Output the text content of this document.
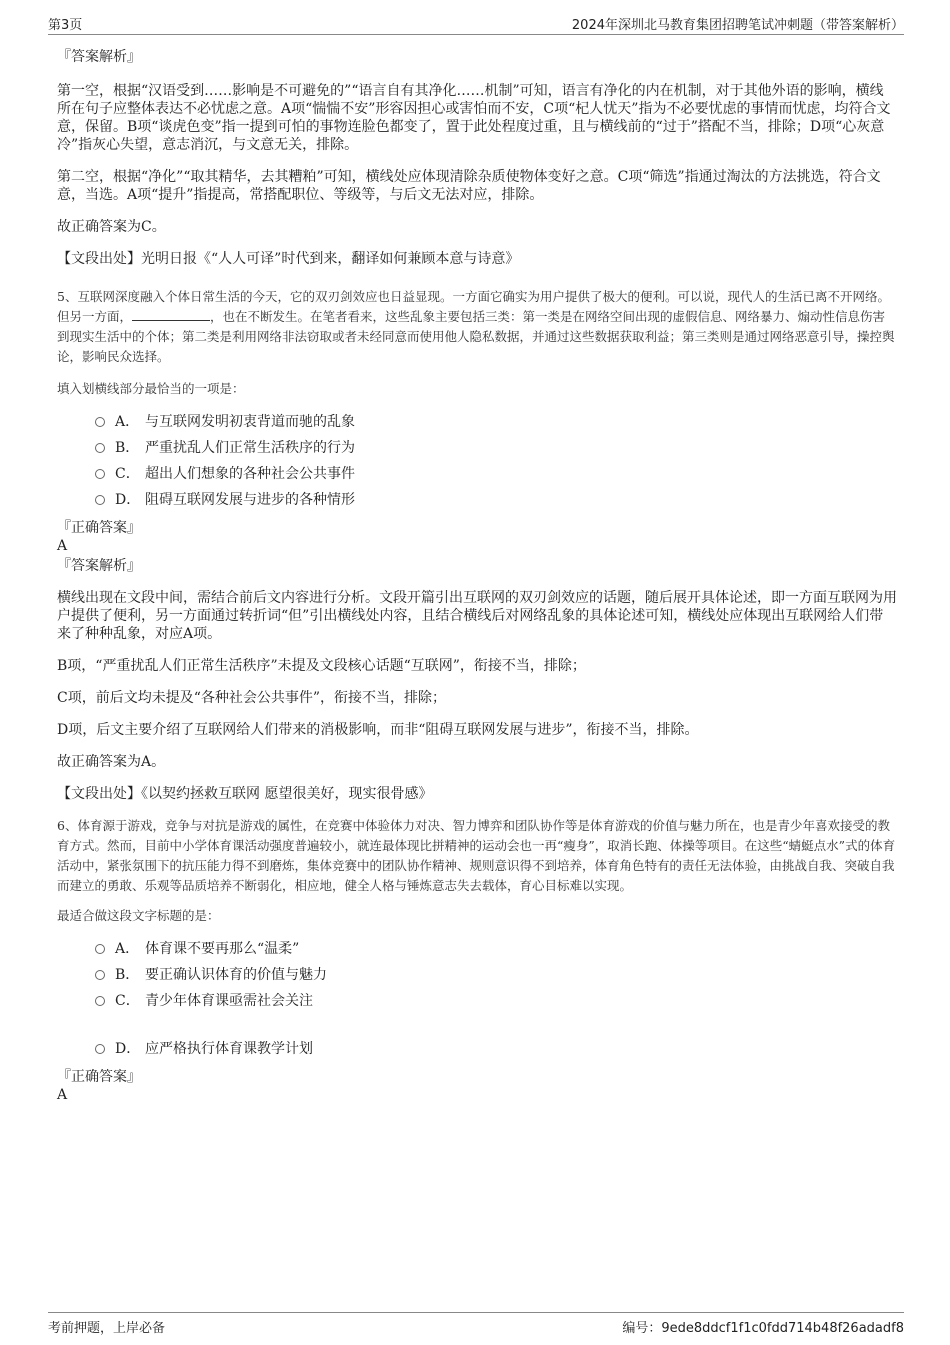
第3页	2024年深圳北马教育集团招聘笔试冲刺题（带答案解析）

『答案解析』

第一空，根据“汉语受到……影响是不可避免的”“语言自有其净化……机制”可知，语言有净化的内在机制，对于其他外语的影响，横线所在句子应整体表达不必忧虑之意。A项“惴惴不安”形容因担心或害怕而不安，C项“杞人忧天”指为不必要忧虑的事情而忧虑，均符合文意，保留。B项“谈虎色变”指一提到可怕的事物连脸色都变了，置于此处程度过重，且与横线前的“过于”搭配不当，排除；D项“心灰意冷”指灰心失望，意志消沉，与文意无关，排除。

第二空，根据“净化”“取其精华，去其糟粕”可知，横线处应体现清除杂质使物体变好之意。C项“筛选”指通过淘汰的方法挑选，符合文意，当选。A项“提升”指提高，常搭配职位、等级等，与后文无法对应，排除。

故正确答案为C。

【文段出处】光明日报《“人人可译”时代到来，翻译如何兼顾本意与诗意》

5、互联网深度融入个体日常生活的今天，它的双刃剑效应也日益显现。一方面它确实为用户提供了极大的便利。可以说，现代人的生活已离不开网络。但另一方面，	，也在不断发生。在笔者看来，这些乱象主要包括三类：第一类是在网络空间出现的虚假信息、网络暴力、煽动性信息伤害到现实生活中的个体；第二类是利用网络非法窃取或者未经同意而使用他人隐私数据，并通过这些数据获取利益；第三类则是通过网络恶意引导，操控舆论，影响民众选择。

填入划横线部分最恰当的一项是：

A． 与互联网发明初衷背道而驰的乱象
B． 严重扰乱人们正常生活秩序的行为
C． 超出人们想象的各种社会公共事件
D． 阻碍互联网发展与进步的各种情形

『正确答案』

A

『答案解析』

横线出现在文段中间，需结合前后文内容进行分析。文段开篇引出互联网的双刃剑效应的话题，随后展开具体论述，即一方面互联网为用户提供了便利，另一方面通过转折词“但”引出横线处内容，且结合横线后对网络乱象的具体论述可知，横线处应体现出互联网给人们带来了种种乱象，对应A项。

B项，“严重扰乱人们正常生活秩序”未提及文段核心话题“互联网”，衔接不当，排除；

C项，前后文均未提及“各种社会公共事件”，衔接不当，排除；

D项，后文主要介绍了互联网给人们带来的消极影响，而非“阻碍互联网发展与进步”，衔接不当，排除。

故正确答案为A。

【文段出处】《以契约拯救互联网 愿望很美好，现实很骨感》

6、体育源于游戏，竞争与对抗是游戏的属性，在竞赛中体验体力对决、智力博弈和团队协作等是体育游戏的价值与魅力所在，也是青少年喜欢接受的教育方式。然而，目前中小学体育课活动强度普遍较小，就连最体现比拼精神的运动会也一再“瘦身”，取消长跑、体操等项目。在这些“蜻蜓点水”式的体育活动中，紧张氛围下的抗压能力得不到磨炼，集体竞赛中的团队协作精神、规则意识得不到培养，体育角色特有的责任无法体验，由挑战自我、突破自我而建立的勇敢、乐观等品质培养不断弱化，相应地，健全人格与锤炼意志失去载体，育心目标难以实现。

最适合做这段文字标题的是：

A． 体育课不要再那么“温柔”
B． 要正确认识体育的价值与魅力
C． 青少年体育课亟需社会关注
D． 应严格执行体育课教学计划

『正确答案』

A

考前押题，上岸必备	编号：9ede8ddcf1f1c0fdd714b48f26adadf8
